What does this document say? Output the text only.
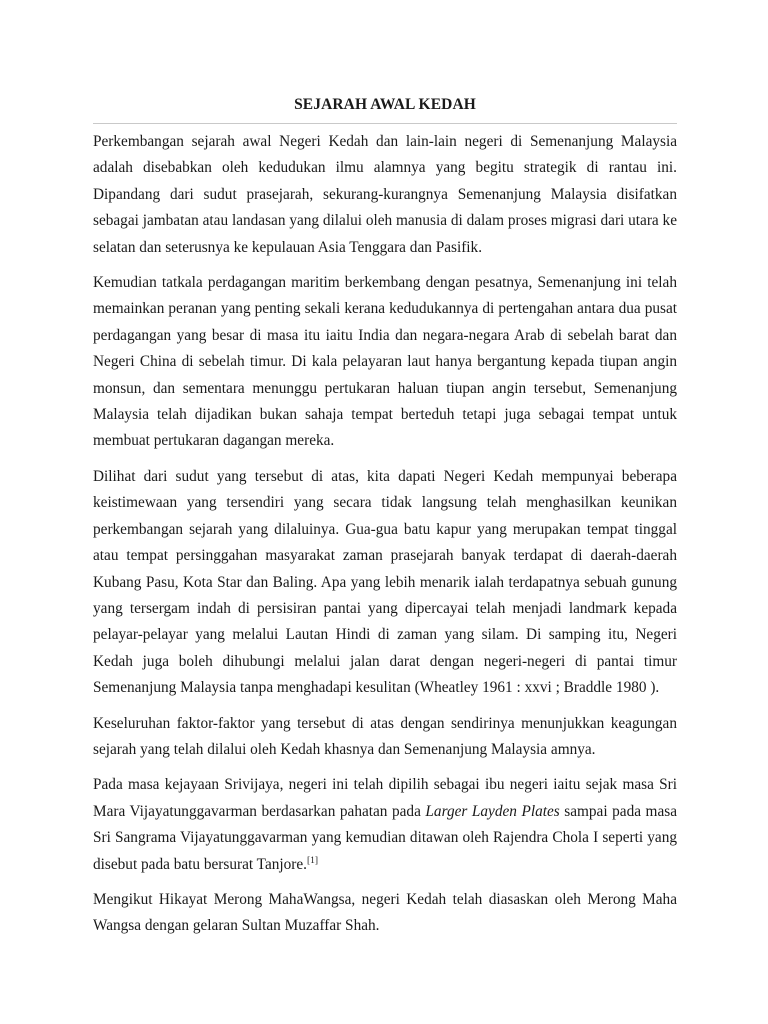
SEJARAH AWAL KEDAH

Perkembangan sejarah awal Negeri Kedah dan lain-lain negeri di Semenanjung Malaysia adalah disebabkan oleh kedudukan ilmu alamnya yang begitu strategik di rantau ini. Dipandang dari sudut prasejarah, sekurang-kurangnya Semenanjung Malaysia disifatkan sebagai jambatan atau landasan yang dilalui oleh manusia di dalam proses migrasi dari utara ke selatan dan seterusnya ke kepulauan Asia Tenggara dan Pasifik.

Kemudian tatkala perdagangan maritim berkembang dengan pesatnya, Semenanjung ini telah memainkan peranan yang penting sekali kerana kedudukannya di pertengahan antara dua pusat perdagangan yang besar di masa itu iaitu India dan negara-negara Arab di sebelah barat dan Negeri China di sebelah timur. Di kala pelayaran laut hanya bergantung kepada tiupan angin monsun, dan sementara menunggu pertukaran haluan tiupan angin tersebut, Semenanjung Malaysia telah dijadikan bukan sahaja tempat berteduh tetapi juga sebagai tempat untuk membuat pertukaran dagangan mereka.

Dilihat dari sudut yang tersebut di atas, kita dapati Negeri Kedah mempunyai beberapa keistimewaan yang tersendiri yang secara tidak langsung telah menghasilkan keunikan perkembangan sejarah yang dilaluinya. Gua-gua batu kapur yang merupakan tempat tinggal atau tempat persinggahan masyarakat zaman prasejarah banyak terdapat di daerah-daerah Kubang Pasu, Kota Star dan Baling. Apa yang lebih menarik ialah terdapatnya sebuah gunung yang tersergam indah di persisiran pantai yang dipercayai telah menjadi landmark kepada pelayar-pelayar yang melalui Lautan Hindi di zaman yang silam. Di samping itu, Negeri Kedah juga boleh dihubungi melalui jalan darat dengan negeri-negeri di pantai timur Semenanjung Malaysia tanpa menghadapi kesulitan (Wheatley 1961 : xxvi ; Braddle 1980 ).

Keseluruhan faktor-faktor yang tersebut di atas dengan sendirinya menunjukkan keagungan sejarah yang telah dilalui oleh Kedah khasnya dan Semenanjung Malaysia amnya.

Pada masa kejayaan Srivijaya, negeri ini telah dipilih sebagai ibu negeri iaitu sejak masa Sri Mara Vijayatunggavarman berdasarkan pahatan pada Larger Layden Plates sampai pada masa Sri Sangrama Vijayatunggavarman yang kemudian ditawan oleh Rajendra Chola I seperti yang disebut pada batu bersurat Tanjore.[1]

Mengikut Hikayat Merong MahaWangsa, negeri Kedah telah diasaskan oleh Merong Maha Wangsa dengan gelaran Sultan Muzaffar Shah.
